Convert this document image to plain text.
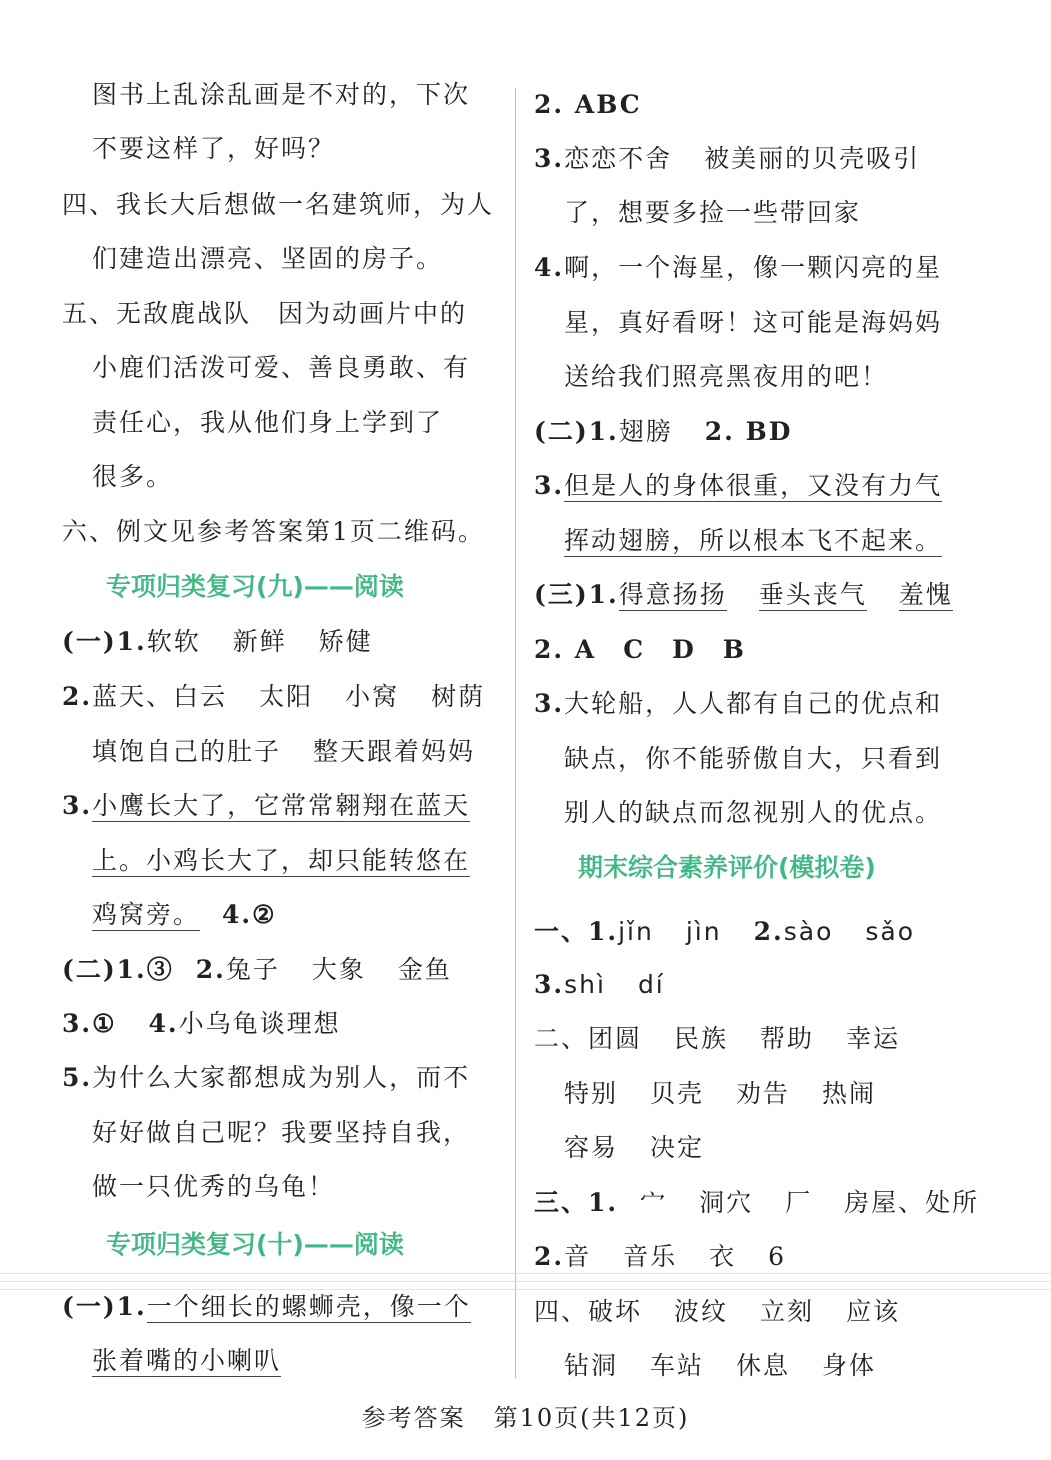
图书上乱涂乱画是不对的，下次
不要这样了，好吗？
四、我长大后想做一名建筑师，为人
们建造出漂亮、坚固的房子。
五、无敌鹿战队　因为动画片中的
小鹿们活泼可爱、善良勇敢、有
责任心，我从他们身上学到了
很多。
六、例文见参考答案第1页二维码。
专项归类复习(九)——阅读
(一)1.软软 新鲜 矫健
2.蓝天、白云 太阳 小窝 树荫
填饱自己的肚子 整天跟着妈妈
3.小鹰长大了，它常常翱翔在蓝天
上。小鸡长大了，却只能转悠在
鸡窝旁。 4.②
(二)1.③ 2.兔子 大象 金鱼
3.① 4.小乌龟谈理想
5.为什么大家都想成为别人，而不
好好做自己呢？我要坚持自我，
做一只优秀的乌龟！
专项归类复习(十)——阅读
(一)1.一个细长的螺蛳壳，像一个
张着嘴的小喇叭
2. ABC
3.恋恋不舍 被美丽的贝壳吸引
了，想要多捡一些带回家
4.啊，一个海星，像一颗闪亮的星
星，真好看呀！这可能是海妈妈
送给我们照亮黑夜用的吧！
(二)1.翅膀 2. BD
3.但是人的身体很重，又没有力气
挥动翅膀，所以根本飞不起来。
(三)1.得意扬扬 垂头丧气 羞愧
2. A　C　D　B
3.大轮船，人人都有自己的优点和
缺点，你不能骄傲自大，只看到
别人的缺点而忽视别人的优点。
期末综合素养评价(模拟卷)
一、1.jǐn jìn 2.sào sǎo
3.shì dí
二、团圆 民族 帮助 幸运
特别 贝壳 劝告 热闹
容易 决定
三、1. 宀 洞穴 厂 房屋、处所
2.音 音乐 衣 6
四、破坏 波纹 立刻 应该
钻洞 车站 休息 身体
参考答案 第10页(共12页)
